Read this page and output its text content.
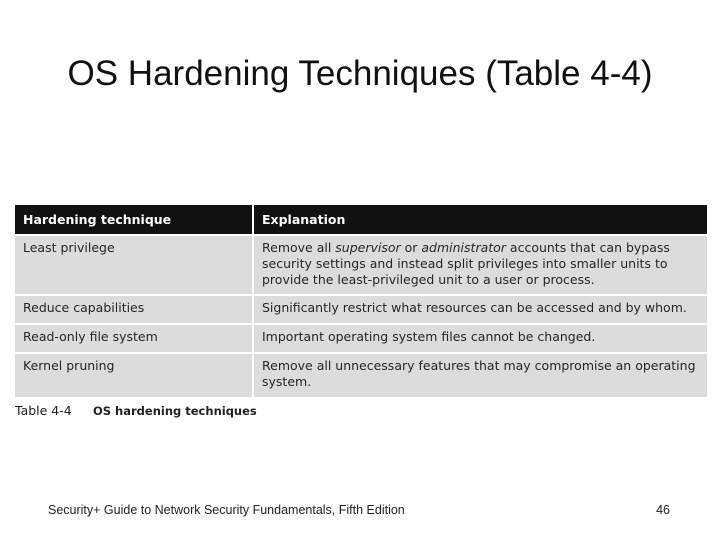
OS Hardening Techniques (Table 4-4)
Hardening technique	Explanation
Least privilege	Remove all supervisor or administrator accounts that can bypass security settings and instead split privileges into smaller units to provide the least-privileged unit to a user or process.
Reduce capabilities	Significantly restrict what resources can be accessed and by whom.
Read-only file system	Important operating system files cannot be changed.
Kernel pruning	Remove all unnecessary features that may compromise an operating system.
Table 4-4 OS hardening techniques
Security+ Guide to Network Security Fundamentals, Fifth Edition	46
